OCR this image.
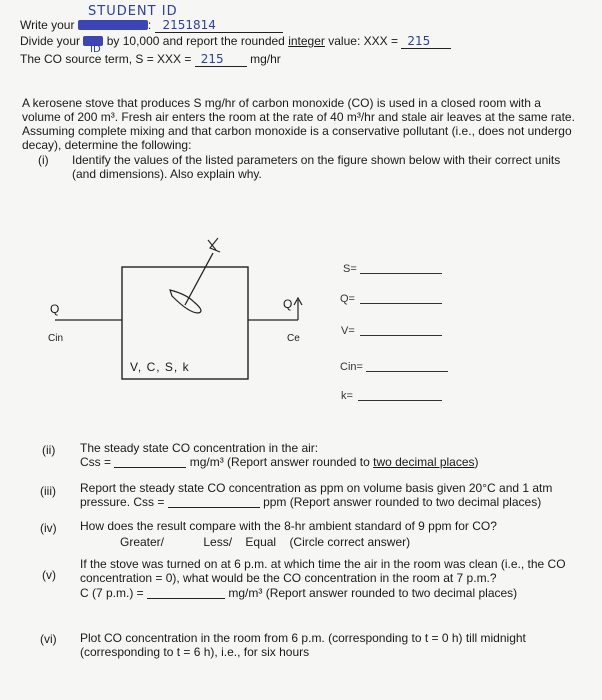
STUDENT ID
Write your	: 2151814
Divide your by 10,000 and report the rounded integer value: XXX = 215
ID
The CO source term, S = XXX = 215 mg/hr
A kerosene stove that produces S mg/hr of carbon monoxide (CO) is used in a closed room with a
volume of 200 m³. Fresh air enters the room at the rate of 40 m³/hr and stale air leaves at the same rate.
Assuming complete mixing and that carbon monoxide is a conservative pollutant (i.e., does not undergo
decay), determine the following:
(i) Identify the values of the listed parameters on the figure shown below with their correct units
(and dimensions). Also explain why.
Q
Cin
Q
Ce
V, C, S, k
S=
Q=
V=
Cin=
k=
(ii) The steady state CO concentration in the air:
Css =	mg/m³ (Report answer rounded to two decimal places)
(iii) Report the steady state CO concentration as ppm on volume basis given 20°C and 1 atm
pressure. Css =	ppm (Report answer rounded to two decimal places)
(iv) How does the result compare with the 8-hr ambient standard of 9 ppm for CO?
Greater/	Less/ Equal (Circle correct answer)
(v)
If the stove was turned on at 6 p.m. at which time the air in the room was clean (i.e., the CO
concentration = 0), what would be the CO concentration in the room at 7 p.m.?
C (7 p.m.) =	mg/m³ (Report answer rounded to two decimal places)
(vi) Plot CO concentration in the room from 6 p.m. (corresponding to t = 0 h) till midnight
(corresponding to t = 6 h), i.e., for six hours
